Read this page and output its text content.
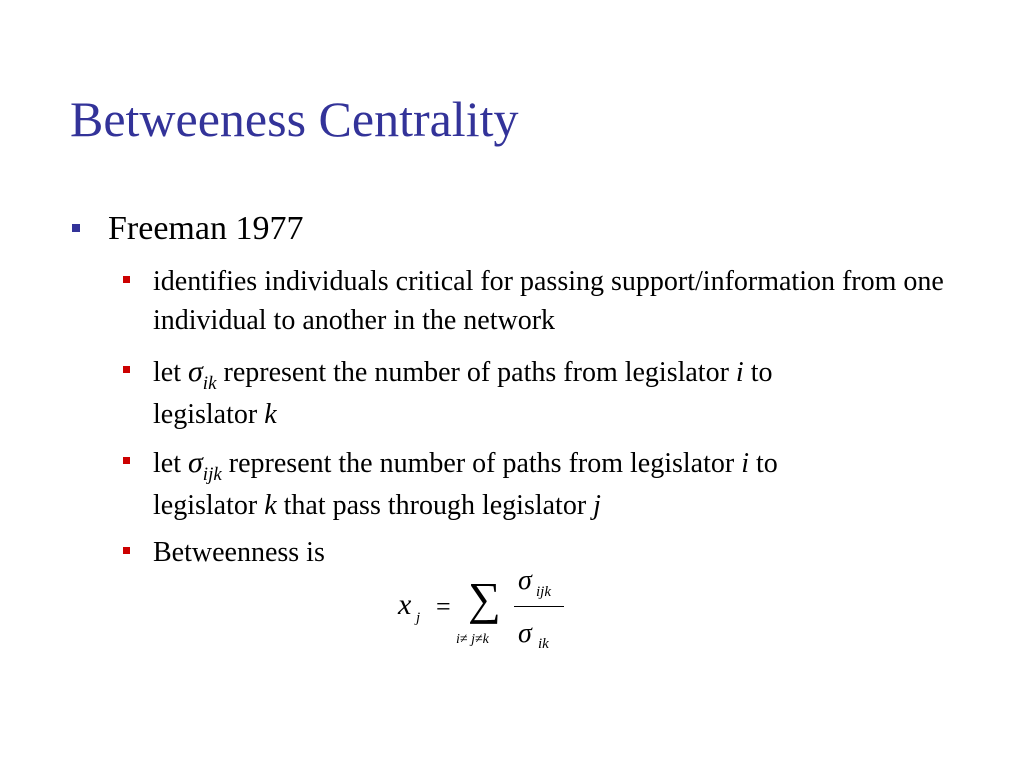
Betweeness Centrality
Freeman 1977
identifies individuals critical for passing support/information from one individual to another in the network
let $\sigma_{ik}$ represent the number of paths from legislator i to
legislator k
let $\sigma_{ijk}$ represent the number of paths from legislator i to
legislator k that pass through legislator j
Betweenness is
x j = ∑
i≠ j≠k
σ ijk
σ ik
